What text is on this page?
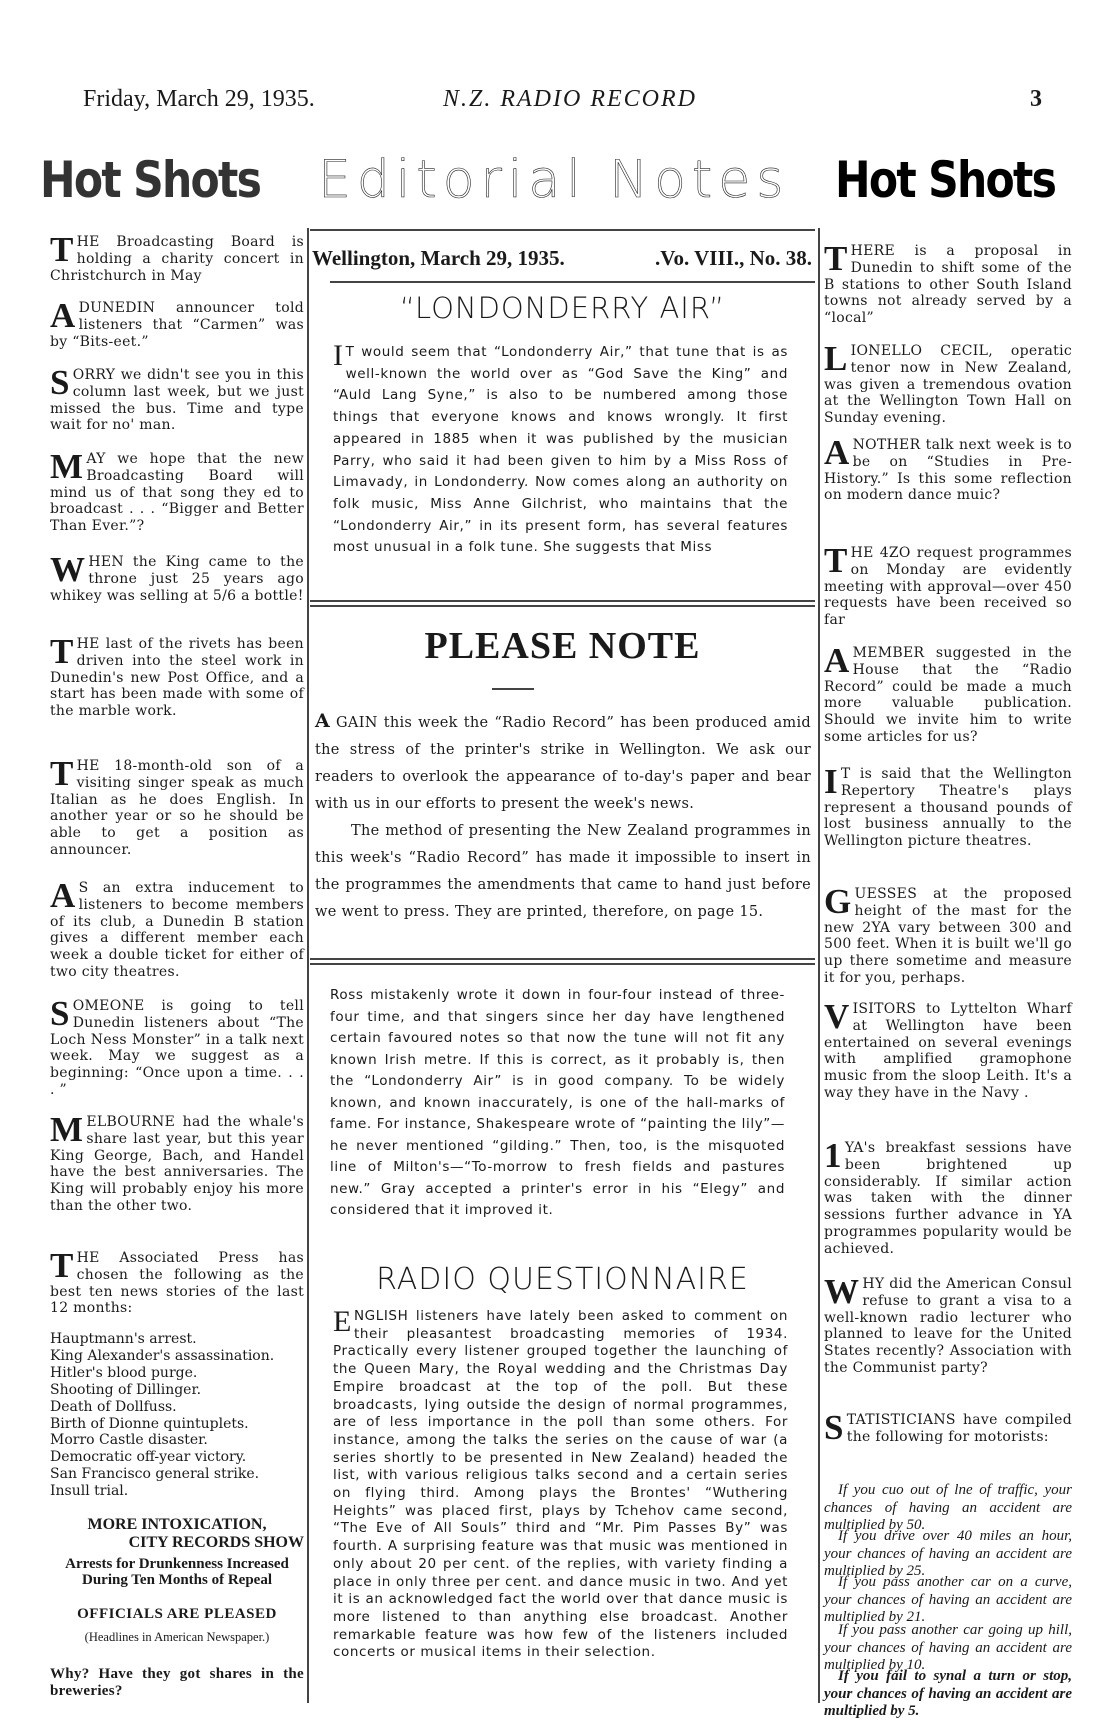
Friday, March 29, 1935.	N.Z. RADIO RECORD	3
Hot Shots Editorial Notes Hot Shots
THE Broadcasting Board is holding a charity concert in Christchurch in May
A DUNEDIN announcer told listeners that “Carmen” was by “Bits-eet.”
SORRY we didn't see you in this column last week, but we just missed the bus. Time and type wait for no' man.
MAY we hope that the new Broadcasting Board will mind us of that song they ed to broadcast . . . “Bigger and Better Than Ever.”?
WHEN the King came to the throne just 25 years ago whikey was selling at 5/6 a bottle!
THE last of the rivets has been driven into the steel work in Dunedin's new Post Office, and a start has been made with some of the marble work.
THE 18-month-old son of a visiting singer speak as much Italian as he does English. In another year or so he should be able to get a position as announcer.
A S an extra inducement to listeners to become members of its club, a Dunedin B station gives a different member each week a double ticket for either of two city theatres.
SOMEONE is going to tell Dunedin listeners about “The Loch Ness Monster” in a talk next week. May we suggest as a beginning: “Once upon a time. . . . ”
MELBOURNE had the whale's share last year, but this year King George, Bach, and Handel have the best anniversaries. The King will probably enjoy his more than the other two.
THE Associated Press has chosen the following as the best ten news stories of the last 12 months:
Hauptmann's arrest.
King Alexander's assassination.
Hitler's blood purge.
Shooting of Dillinger.
Death of Dollfuss.
Birth of Dionne quintuplets.
Morro Castle disaster.
Democratic off-year victory.
San Francisco general strike.
Insull trial.
MORE INTOXICATION,
CITY RECORDS SHOW
Arrests for Drunkenness Increased During Ten Months of Repeal
OFFICIALS ARE PLEASED
(Headlines in American Newspaper.)
Why? Have they got shares in the breweries?
Wellington, March 29, 1935.	.Vo. VIII., No. 38.
“LONDONDERRY AIR”
I T would seem that “Londonderry Air,” that tune that is as well-known the world over as “God Save the King” and “Auld Lang Syne,” is also to be numbered among those things that everyone knows and knows wrongly. It first appeared in 1885 when it was published by the musician Parry, who said it had been given to him by a Miss Ross of Limavady, in Londonderry. Now comes along an authority on folk music, Miss Anne Gilchrist, who maintains that the “Londonderry Air,” in its present form, has several features most unusual in a folk tune. She suggests that Miss
PLEASE NOTE
A GAIN this week the “Radio Record” has been produced amid the stress of the printer's strike in Wellington. We ask our readers to overlook the appearance of to-day's paper and bear with us in our efforts to present the week's news.
The method of presenting the New Zealand programmes in this week's “Radio Record” has made it impossible to insert in the programmes the amendments that came to hand just before we went to press. They are printed, therefore, on page 15.
Ross mistakenly wrote it down in four-four instead of three-four time, and that singers since her day have lengthened certain favoured notes so that now the tune will not fit any known Irish metre. If this is correct, as it probably is, then the “Londonderry Air” is in good company. To be widely known, and known inaccurately, is one of the hall-marks of fame. For instance, Shakespeare wrote of “painting the lily”—he never mentioned “gilding.” Then, too, is the misquoted line of Milton's—“To-morrow to fresh fields and pastures new.” Gray accepted a printer's error in his “Elegy” and considered that it improved it.
RADIO QUESTIONNAIRE
ENGLISH listeners have lately been asked to comment on their pleasantest broadcasting memories of 1934. Practically every listener grouped together the launching of the Queen Mary, the Royal wedding and the Christmas Day Empire broadcast at the top of the poll. But these broadcasts, lying outside the design of normal programmes, are of less importance in the poll than some others. For instance, among the talks the series on the cause of war (a series shortly to be presented in New Zealand) headed the list, with various religious talks second and a certain series on flying third. Among plays the Brontes' “Wuthering Heights” was placed first, plays by Tchehov came second, “The Eve of All Souls” third and “Mr. Pim Passes By” was fourth. A surprising feature was that music was mentioned in only about 20 per cent. of the replies, with variety finding a place in only three per cent. and dance music in two. And yet it is an acknowledged fact the world over that dance music is more listened to than anything else broadcast. Another remarkable feature was how few of the listeners included concerts or musical items in their selection.
THERE is a proposal in Dunedin to shift some of the B stations to other South Island towns not already served by a “local”
LIONELLO CECIL, operatic tenor now in New Zealand, was given a tremendous ovation at the Wellington Town Hall on Sunday evening.
ANOTHER talk next week is to be on “Studies in Pre-History.” Is this some reflection on modern dance muic?
THE 4ZO request programmes on Monday are evidently meeting with approval—over 450 requests have been received so far
A MEMBER suggested in the House that the “Radio Record” could be made a much more valuable publication. Should we invite him to write some articles for us?
I T is said that the Wellington Repertory Theatre's plays represent a thousand pounds of lost business annually to the Wellington picture theatres.
GUESSES at the proposed height of the mast for the new 2YA vary between 300 and 500 feet. When it is built we'll go up there sometime and measure it for you, perhaps.
VISITORS to Lyttelton Wharf at Wellington have been entertained on several evenings with amplified gramophone music from the sloop Leith. It's a way they have in the Navy .
1 YA's breakfast sessions have been brightened up considerably. If similar action was taken with the dinner sessions further advance in YA programmes popularity would be achieved.
WHY did the American Consul refuse to grant a visa to a well-known radio lecturer who planned to leave for the United States recently? Association with the Communist party?
STATISTICIANS have compiled the following for motorists:
If you cuo out of lne of traffic, your chances of having an accident are multiplied by 50.
If you drive over 40 miles an hour, your chances of having an accident are multiplied by 25.
If you pass another car on a curve, your chances of having an accident are multiplied by 21.
If you pass another car going up hill, your chances of having an accident are multiplied by 10.
If you fail to synal a turn or stop, your chances of having an accident are multiplied by 5.
